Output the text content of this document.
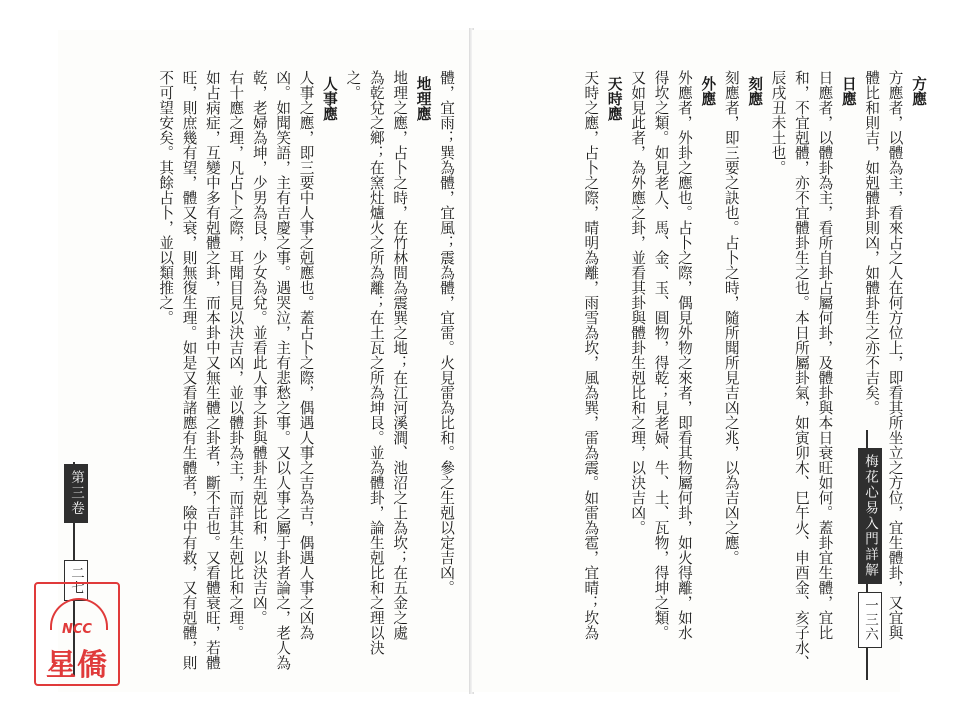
方應
方應者，以體為主，看來占之人在何方位上，即看其所坐立之方位，宜生體卦，又宜與
體比和則吉，如剋體卦則凶，如體卦生之亦不吉矣。
日應
日應者，以體卦為主，看所自卦占屬何卦，及體卦與本日衰旺如何。蓋卦宜生體，宜比
和，不宜剋體，亦不宜體卦生之也。本日所屬卦氣，如寅卯木、巳午火、申酉金、亥子水、
辰戌丑未土也。
刻應
刻應者，即三要之訣也。占卜之時，隨所聞所見吉凶之兆，以為吉凶之應。
外應
外應者，外卦之應也。占卜之際，偶見外物之來者，即看其物屬何卦，如火得離，如水
得坎之類。如見老人、馬、金、玉、圓物，得乾；見老婦、牛、土、瓦物，得坤之類。
又如見此者，為外應之卦，並看其卦與體卦生剋比和之理，以決吉凶。
天時應
天時之應，占卜之際，晴明為離，雨雪為坎，風為巽，雷為震。如雷為雹，宜晴；坎為
體，宜雨；巽為體，宜風；震為體，宜雷。火見雷為比和。參之生剋以定吉凶。
地理應
地理之應，占卜之時，在竹林間為震巽之地；在江河溪澗、池沼之上為坎；在五金之處
為乾兌之鄉；在窯灶爐火之所為離；在土瓦之所為坤艮。並為體卦，論生剋比和之理以決
之。
人事應
人事之應，即三要中人事之剋應也。蓋占卜之際，偶遇人事之吉為吉，偶遇人事之凶為
凶。如聞笑語，主有吉慶之事。遇哭泣，主有悲愁之事。又以人事之屬于卦者論之，老人為
乾，老婦為坤，少男為艮，少女為兌。並看此人事之卦與體卦生剋比和，以決吉凶。
右十應之理，凡占卜之際，耳聞目見以決吉凶，並以體卦為主，而詳其生剋比和之理。
如占病症，互變中多有剋體之卦，而本卦中又無生體之卦者，斷不吉也。又看體衰旺，若體
旺，則庶幾有望，體又衰，則無復生理。如是又看諸應有生體者，險中有救，又有剋體，則
不可望安矣。其餘占卜，並以類推之。
梅花心易入門詳解
一三六
第三卷
二七
NCC
星僑
